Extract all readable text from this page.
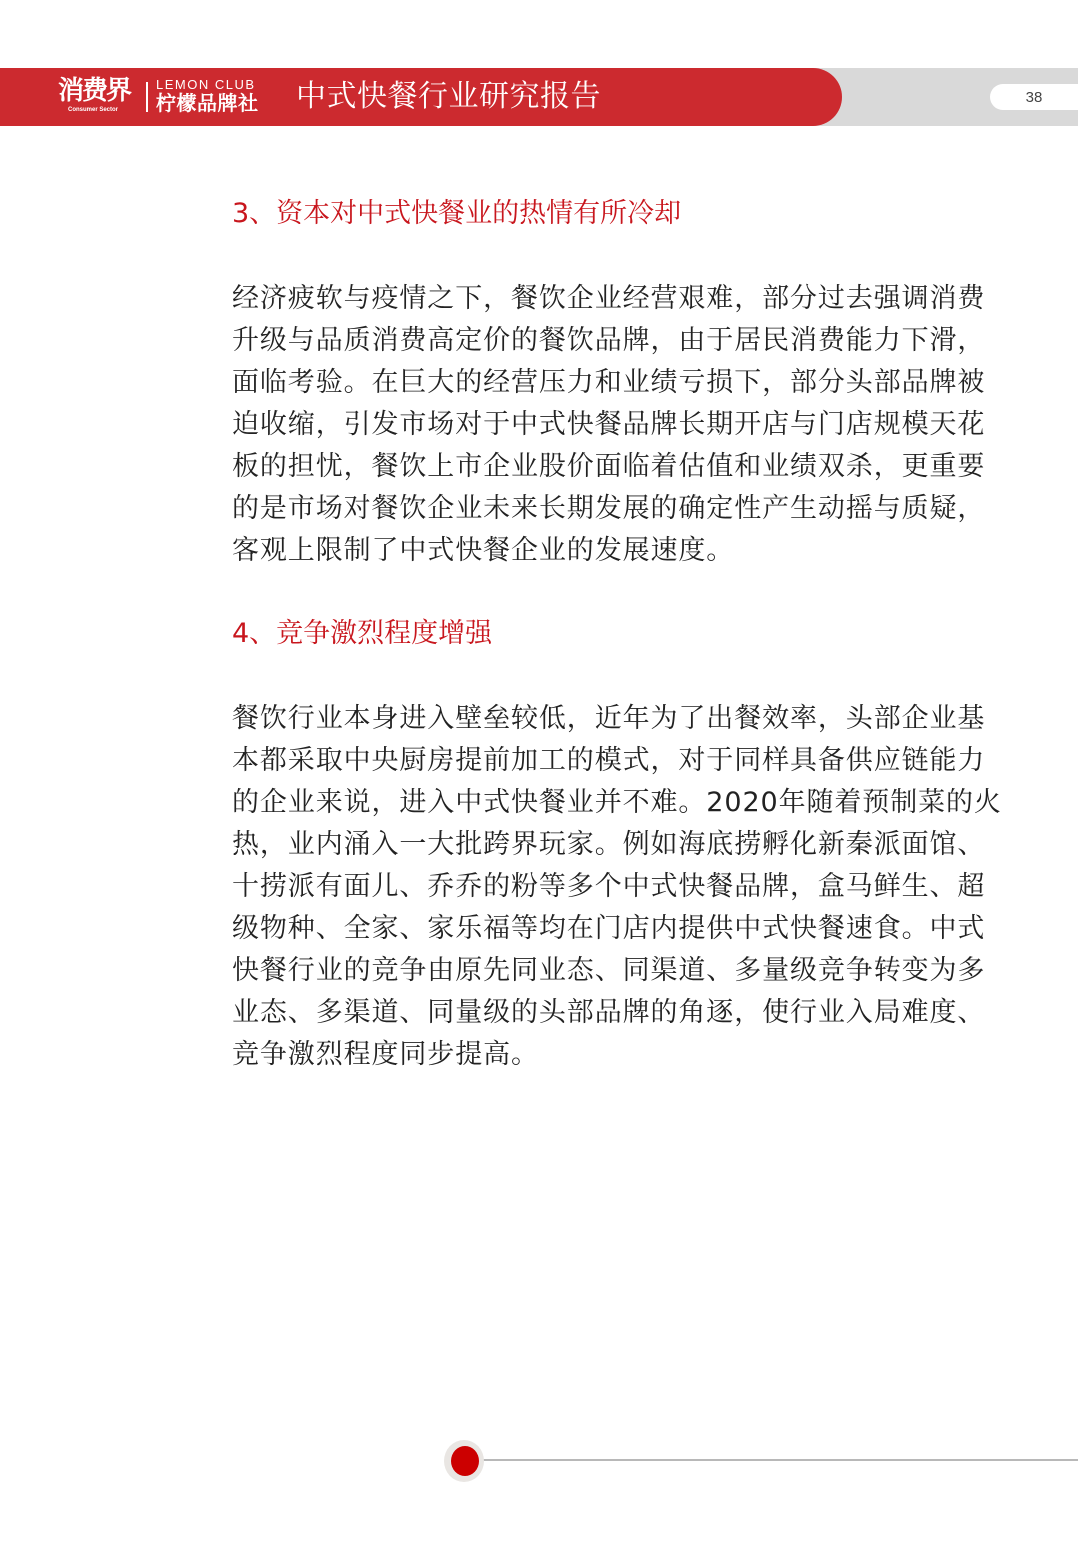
消费界
Consumer Sector
LEMON CLUB
柠檬品牌社 中式快餐行业研究报告	38
3、资本对中式快餐业的热情有所冷却
经济疲软与疫情之下，餐饮企业经营艰难，部分过去强调消费
升级与品质消费高定价的餐饮品牌，由于居民消费能力下滑，
面临考验。在巨大的经营压力和业绩亏损下，部分头部品牌被
迫收缩，引发市场对于中式快餐品牌长期开店与门店规模天花
板的担忧，餐饮上市企业股价面临着估值和业绩双杀，更重要
的是市场对餐饮企业未来长期发展的确定性产生动摇与质疑，
客观上限制了中式快餐企业的发展速度。
4、竞争激烈程度增强
餐饮行业本身进入壁垒较低，近年为了出餐效率，头部企业基
本都采取中央厨房提前加工的模式，对于同样具备供应链能力
的企业来说，进入中式快餐业并不难。2020年随着预制菜的火
热，业内涌入一大批跨界玩家。例如海底捞孵化新秦派面馆、
十捞派有面儿、乔乔的粉等多个中式快餐品牌，盒马鲜生、超
级物种、全家、家乐福等均在门店内提供中式快餐速食。中式
快餐行业的竞争由原先同业态、同渠道、多量级竞争转变为多
业态、多渠道、同量级的头部品牌的角逐，使行业入局难度、
竞争激烈程度同步提高。
